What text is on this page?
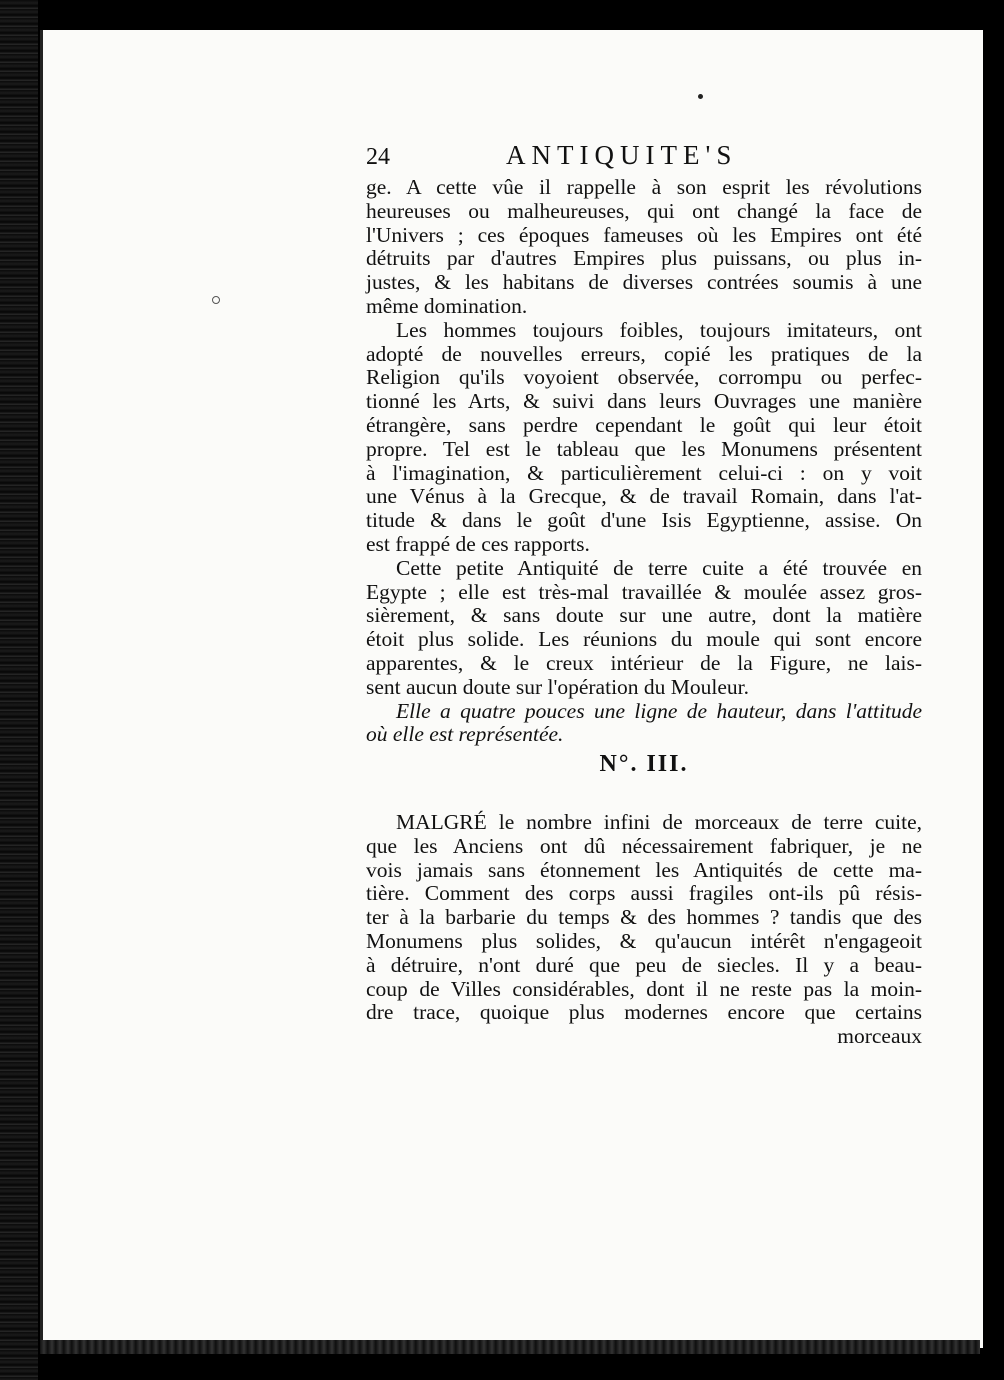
24	ANTIQUITE'S
ge. A cette vûe il rappelle à son esprit les révolutions
heureuses ou malheureuses, qui ont changé la face de
l'Univers ; ces époques fameuses où les Empires ont été
détruits par d'autres Empires plus puissans, ou plus in-
justes, & les habitans de diverses contrées soumis à une
même domination.
Les hommes toujours foibles, toujours imitateurs, ont
adopté de nouvelles erreurs, copié les pratiques de la
Religion qu'ils voyoient observée, corrompu ou perfec-
tionné les Arts, & suivi dans leurs Ouvrages une manière
étrangère, sans perdre cependant le goût qui leur étoit
propre. Tel est le tableau que les Monumens présentent
à l'imagination, & particulièrement celui-ci : on y voit
une Vénus à la Grecque, & de travail Romain, dans l'at-
titude & dans le goût d'une Isis Egyptienne, assise. On
est frappé de ces rapports.
Cette petite Antiquité de terre cuite a été trouvée en
Egypte ; elle est très-mal travaillée & moulée assez gros-
sièrement, & sans doute sur une autre, dont la matière
étoit plus solide. Les réunions du moule qui sont encore
apparentes, & le creux intérieur de la Figure, ne lais-
sent aucun doute sur l'opération du Mouleur.
Elle a quatre pouces une ligne de hauteur, dans l'attitude
où elle est représentée.
N°. III.
MALGRÉ le nombre infini de morceaux de terre cuite,
que les Anciens ont dû nécessairement fabriquer, je ne
vois jamais sans étonnement les Antiquités de cette ma-
tière. Comment des corps aussi fragiles ont-ils pû résis-
ter à la barbarie du temps & des hommes ? tandis que des
Monumens plus solides, & qu'aucun intérêt n'engageoit
à détruire, n'ont duré que peu de siecles. Il y a beau-
coup de Villes considérables, dont il ne reste pas la moin-
dre trace, quoique plus modernes encore que certains
morceaux
